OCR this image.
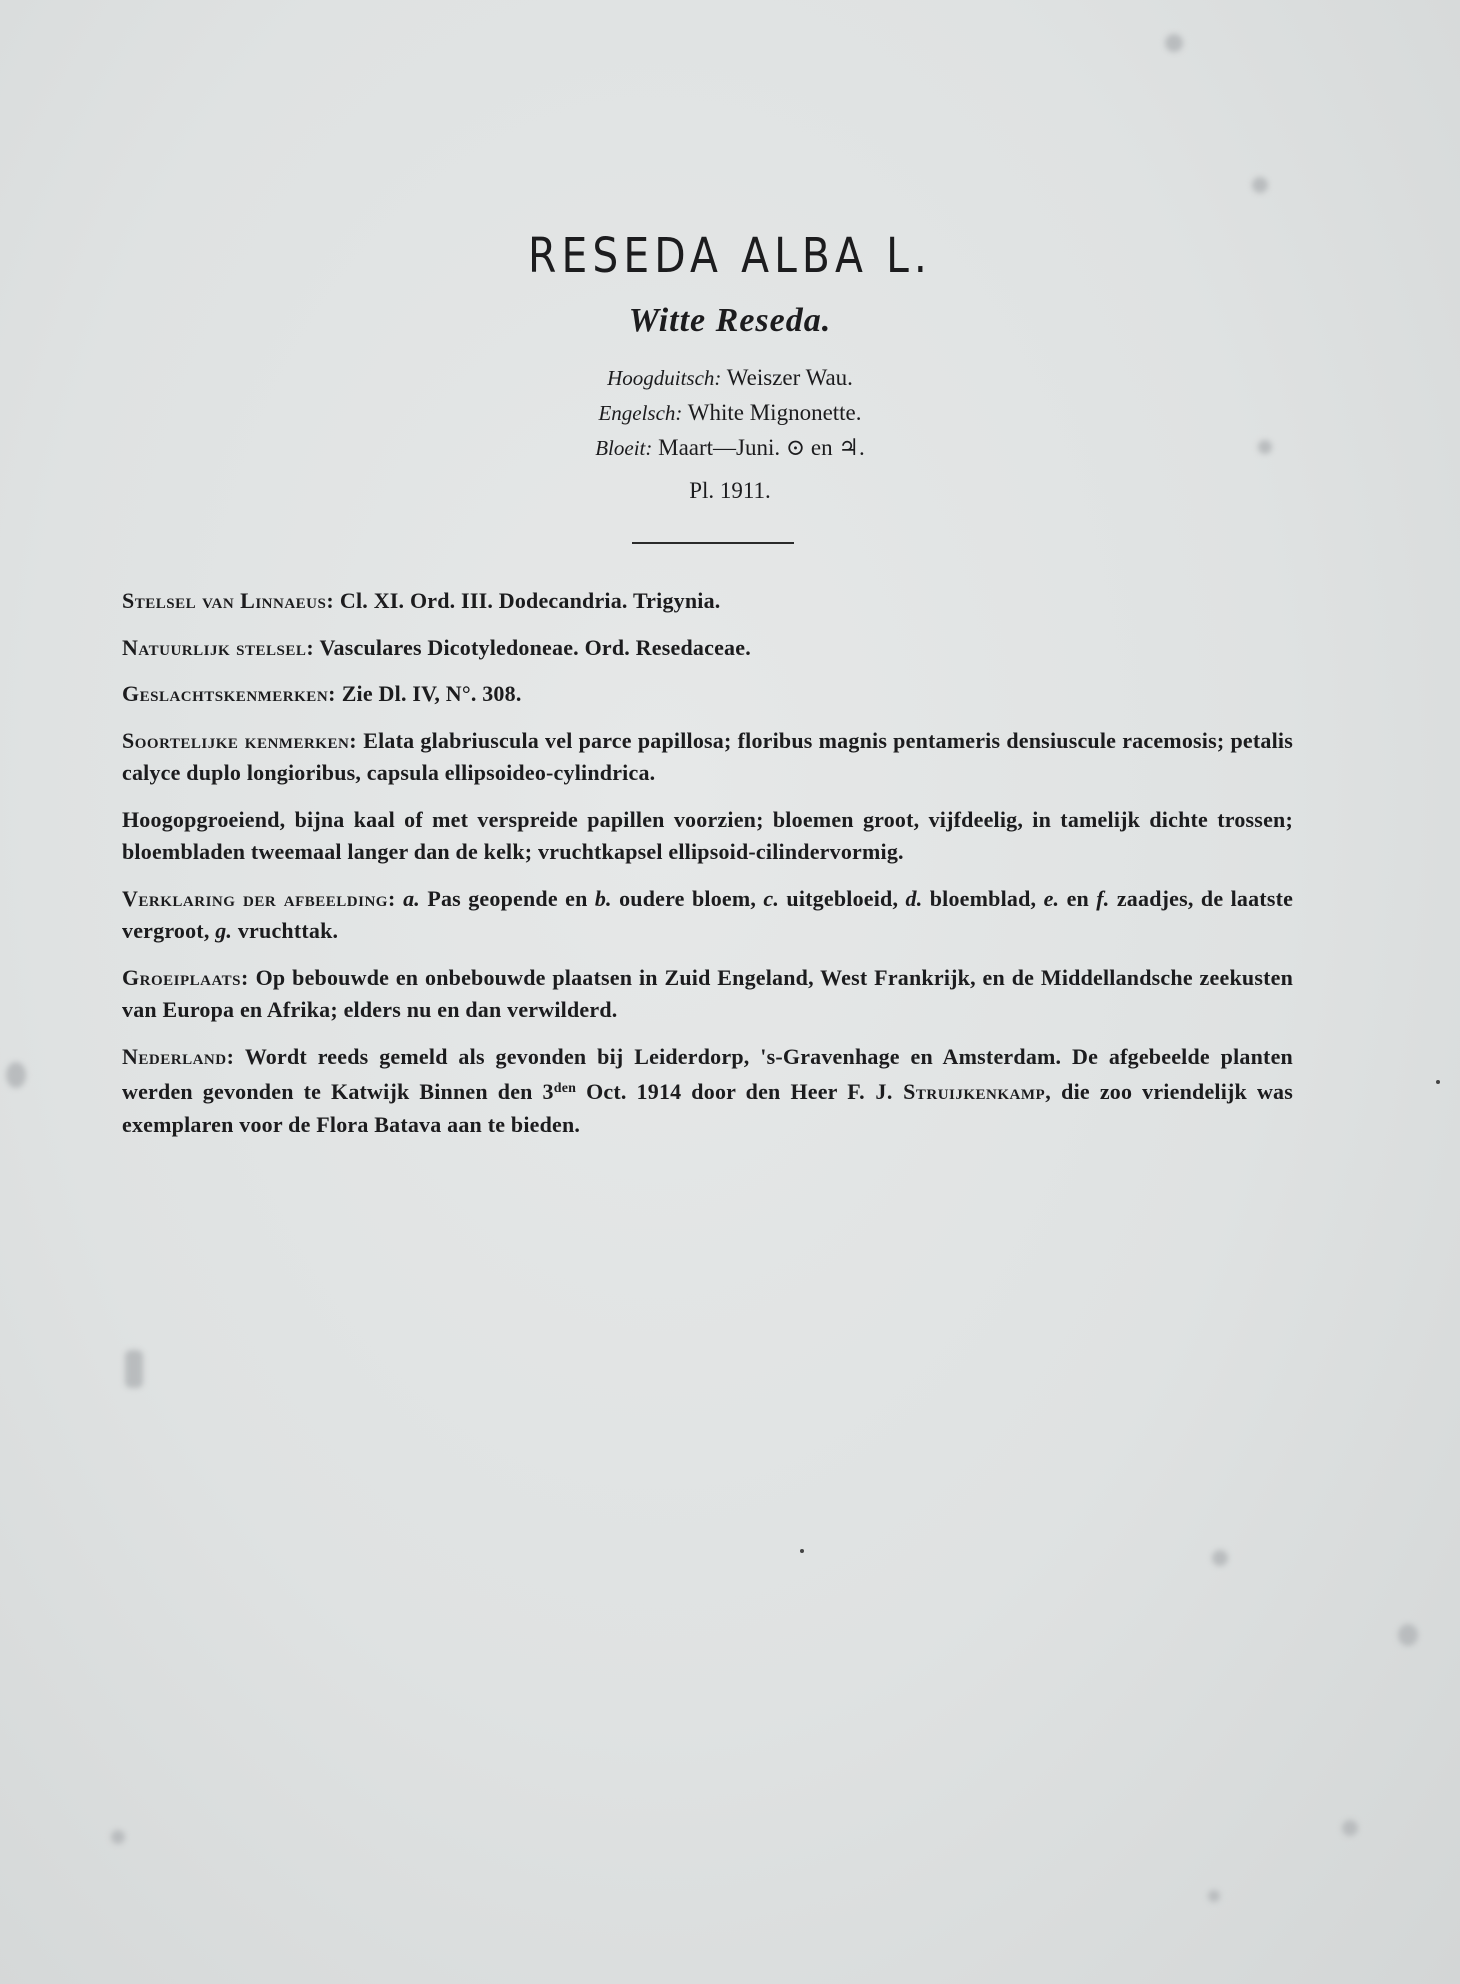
RESEDA ALBA L.
Witte Reseda.

Hoogduitsch: Weiszer Wau.

Engelsch: White Mignonette.

Bloeit: Maart—Juni. ⊙ en ♃.

Pl. 1911.

Stelsel van Linnaeus: Cl. XI. Ord. III. Dodecandria. Trigynia.

Natuurlijk stelsel: Vasculares Dicotyledoneae. Ord. Resedaceae.

Geslachtskenmerken: Zie Dl. IV, N°. 308.

Soortelijke kenmerken: Elata glabriuscula vel parce papillosa; floribus magnis pentameris densiuscule racemosis; petalis calyce duplo longioribus, capsula ellipsoideo-cylindrica.

Hoogopgroeiend, bijna kaal of met verspreide papillen voorzien; bloemen groot, vijfdeelig, in tamelijk dichte trossen; bloembladen tweemaal langer dan de kelk; vruchtkapsel ellipsoid-cilindervormig.

Verklaring der afbeelding: a. Pas geopende en b. oudere bloem, c. uitgebloeid, d. bloemblad, e. en f. zaadjes, de laatste vergroot, g. vruchttak.

Groeiplaats: Op bebouwde en onbebouwde plaatsen in Zuid Engeland, West Frankrijk, en de Middellandsche zeekusten van Europa en Afrika; elders nu en dan verwilderd.

Nederland: Wordt reeds gemeld als gevonden bij Leiderdorp, 's-Gravenhage en Amsterdam. De afgebeelde planten werden gevonden te Katwijk Binnen den $3^{den}$ Oct. 1914 door den Heer F. J. Struijkenkamp, die zoo vriendelijk was exemplaren voor de Flora Batava aan te bieden.
